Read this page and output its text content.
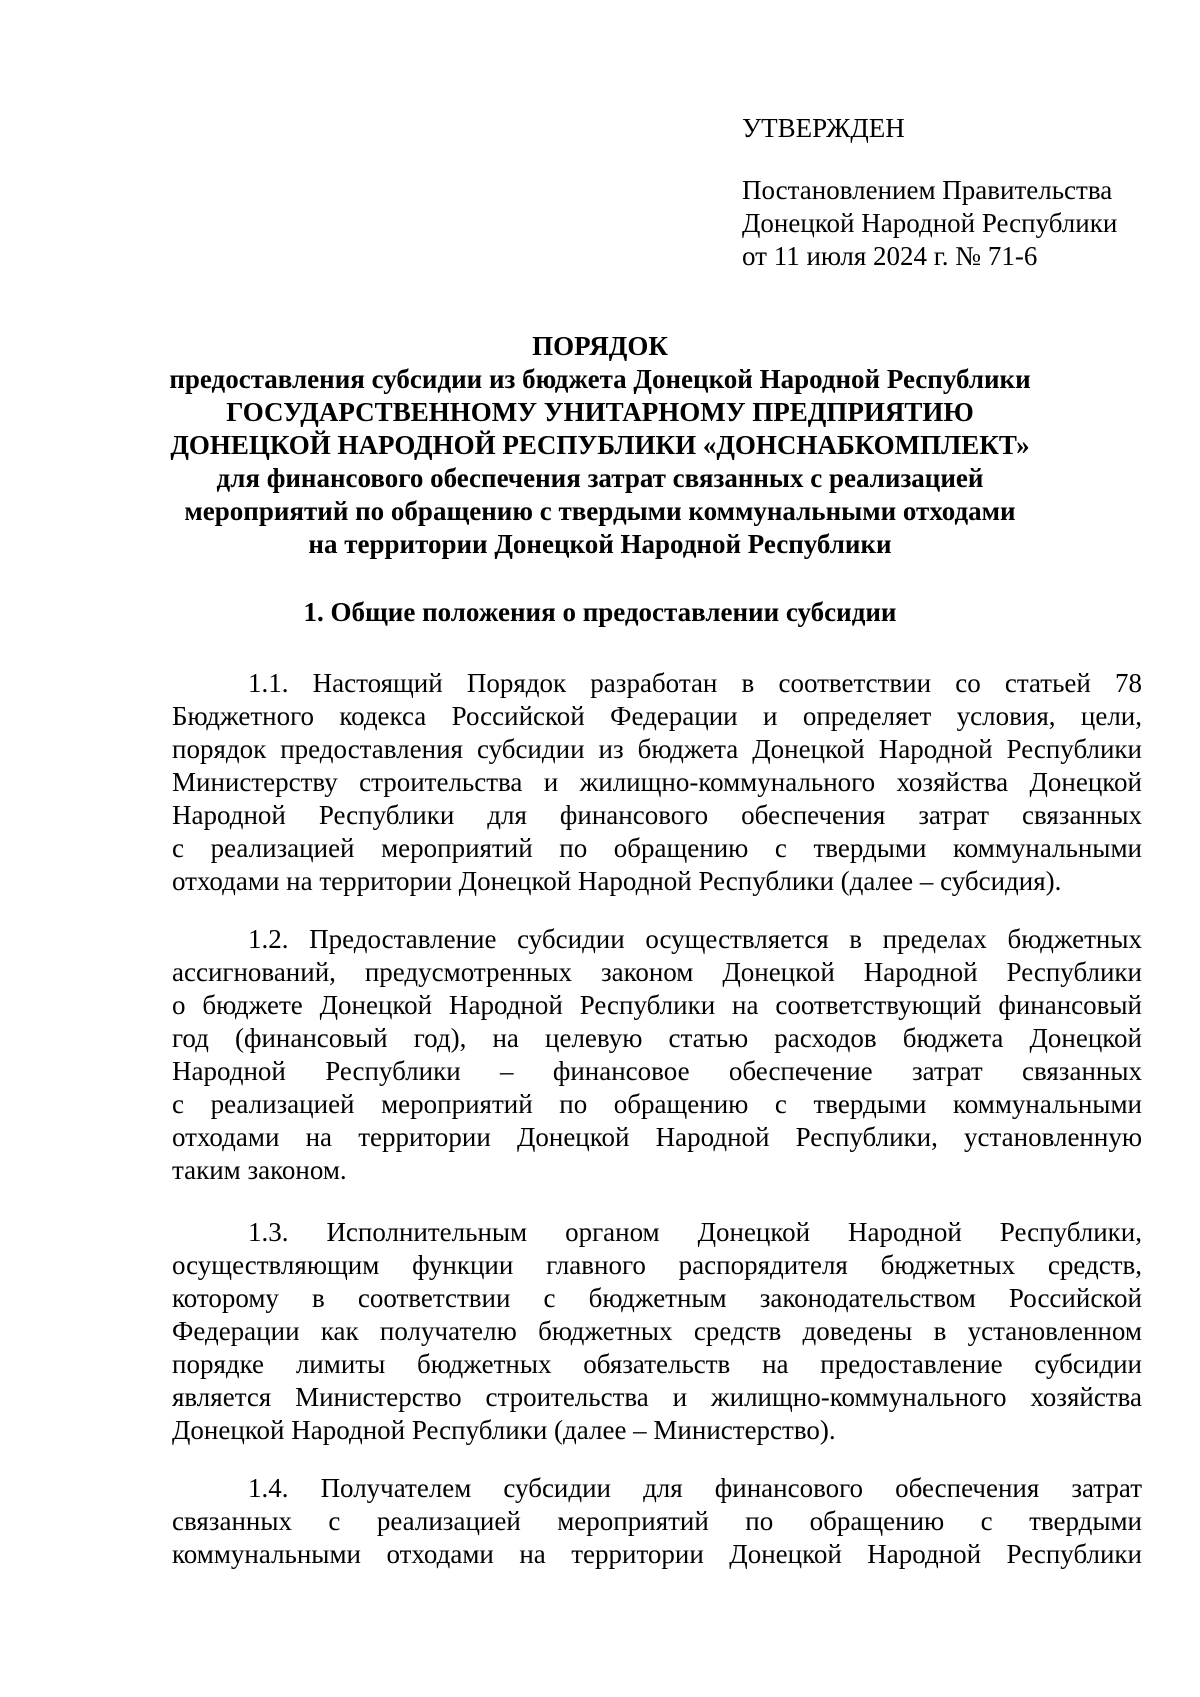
УТВЕРЖДЕН
Постановлением Правительства
Донецкой Народной Республики
от 11 июля 2024 г. № 71-6
ПОРЯДОК
предоставления субсидии из бюджета Донецкой Народной Республики
ГОСУДАРСТВЕННОМУ УНИТАРНОМУ ПРЕДПРИЯТИЮ
ДОНЕЦКОЙ НАРОДНОЙ РЕСПУБЛИКИ «ДОНСНАБКОМПЛЕКТ»
для финансового обеспечения затрат связанных с реализацией
мероприятий по обращению с твердыми коммунальными отходами
на территории Донецкой Народной Республики
1. Общие положения о предоставлении субсидии
1.1. Настоящий Порядок разработан в соответствии со статьей 78
Бюджетного кодекса Российской Федерации и определяет условия, цели,
порядок предоставления субсидии из бюджета Донецкой Народной Республики
Министерству строительства и жилищно-коммунального хозяйства Донецкой
Народной Республики для финансового обеспечения затрат связанных
с реализацией мероприятий по обращению с твердыми коммунальными
отходами на территории Донецкой Народной Республики (далее – субсидия).
1.2. Предоставление субсидии осуществляется в пределах бюджетных
ассигнований, предусмотренных законом Донецкой Народной Республики
о бюджете Донецкой Народной Республики на соответствующий финансовый
год (финансовый год), на целевую статью расходов бюджета Донецкой
Народной Республики – финансовое обеспечение затрат связанных
с реализацией мероприятий по обращению с твердыми коммунальными
отходами на территории Донецкой Народной Республики, установленную
таким законом.
1.3. Исполнительным органом Донецкой Народной Республики,
осуществляющим функции главного распорядителя бюджетных средств,
которому в соответствии с бюджетным законодательством Российской
Федерации как получателю бюджетных средств доведены в установленном
порядке лимиты бюджетных обязательств на предоставление субсидии
является Министерство строительства и жилищно-коммунального хозяйства
Донецкой Народной Республики (далее – Министерство).
1.4. Получателем субсидии для финансового обеспечения затрат
связанных с реализацией мероприятий по обращению с твердыми
коммунальными отходами на территории Донецкой Народной Республики
